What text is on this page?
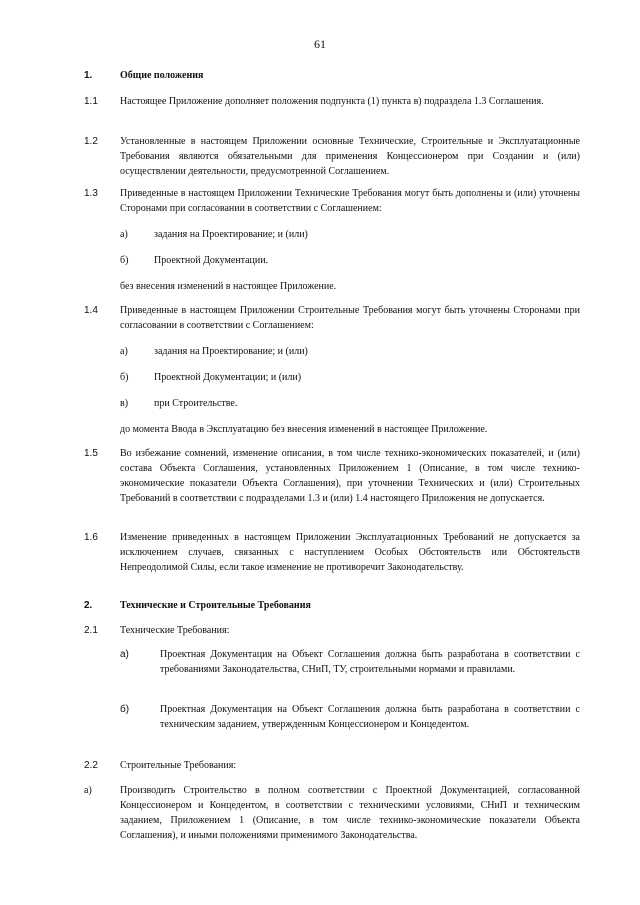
61
1.	Общие положения
1.1 Настоящее Приложение дополняет положения подпункта (1) пункта в) подраздела 1.3 Соглашения.
1.2 Установленные в настоящем Приложении основные Технические, Строительные и Эксплуатационные Требования являются обязательными для применения Концессионером при Создании и (или) осуществлении деятельности, предусмотренной Соглашением.
1.3 Приведенные в настоящем Приложении Технические Требования могут быть дополнены и (или) уточнены Сторонами при согласовании в соответствии с Соглашением:
а)	задания на Проектирование; и (или)
б)	Проектной Документации.
без внесения изменений в настоящее Приложение.
1.4 Приведенные в настоящем Приложении Строительные Требования могут быть уточнены Сторонами при согласовании в соответствии с Соглашением:
а)	задания на Проектирование; и (или)
б)	Проектной Документации; и (или)
в)	при Строительстве.
до момента Ввода в Эксплуатацию без внесения изменений в настоящее Приложение.
1.5 Во избежание сомнений, изменение описания, в том числе технико-экономических показателей, и (или) состава Объекта Соглашения, установленных Приложением 1 (Описание, в том числе технико-экономические показатели Объекта Соглашения), при уточнении Технических и (или) Строительных Требований в соответствии с подразделами 1.3 и (или) 1.4 настоящего Приложения не допускается.
1.6 Изменение приведенных в настоящем Приложении Эксплуатационных Требований не допускается за исключением случаев, связанных с наступлением Особых Обстоятельств или Обстоятельств Непреодолимой Силы, если такое изменение не противоречит Законодательству.
2.	Технические и Строительные Требования
2.1 Технические Требования:
а)	Проектная Документация на Объект Соглашения должна быть разработана в соответствии с требованиями Законодательства, СНиП, ТУ, строительными нормами и правилами.
б)	Проектная Документация на Объект Соглашения должна быть разработана в соответствии с техническим заданием, утвержденным Концессионером и Концедентом.
2.2 Строительные Требования:
а)	Производить Строительство в полном соответствии с Проектной Документацией, согласованной Концессионером и Концедентом, в соответствии с техническими условиями, СНиП и техническим заданием, Приложением 1 (Описание, в том числе технико-экономические показатели Объекта Соглашения), и иными положениями применимого Законодательства.
